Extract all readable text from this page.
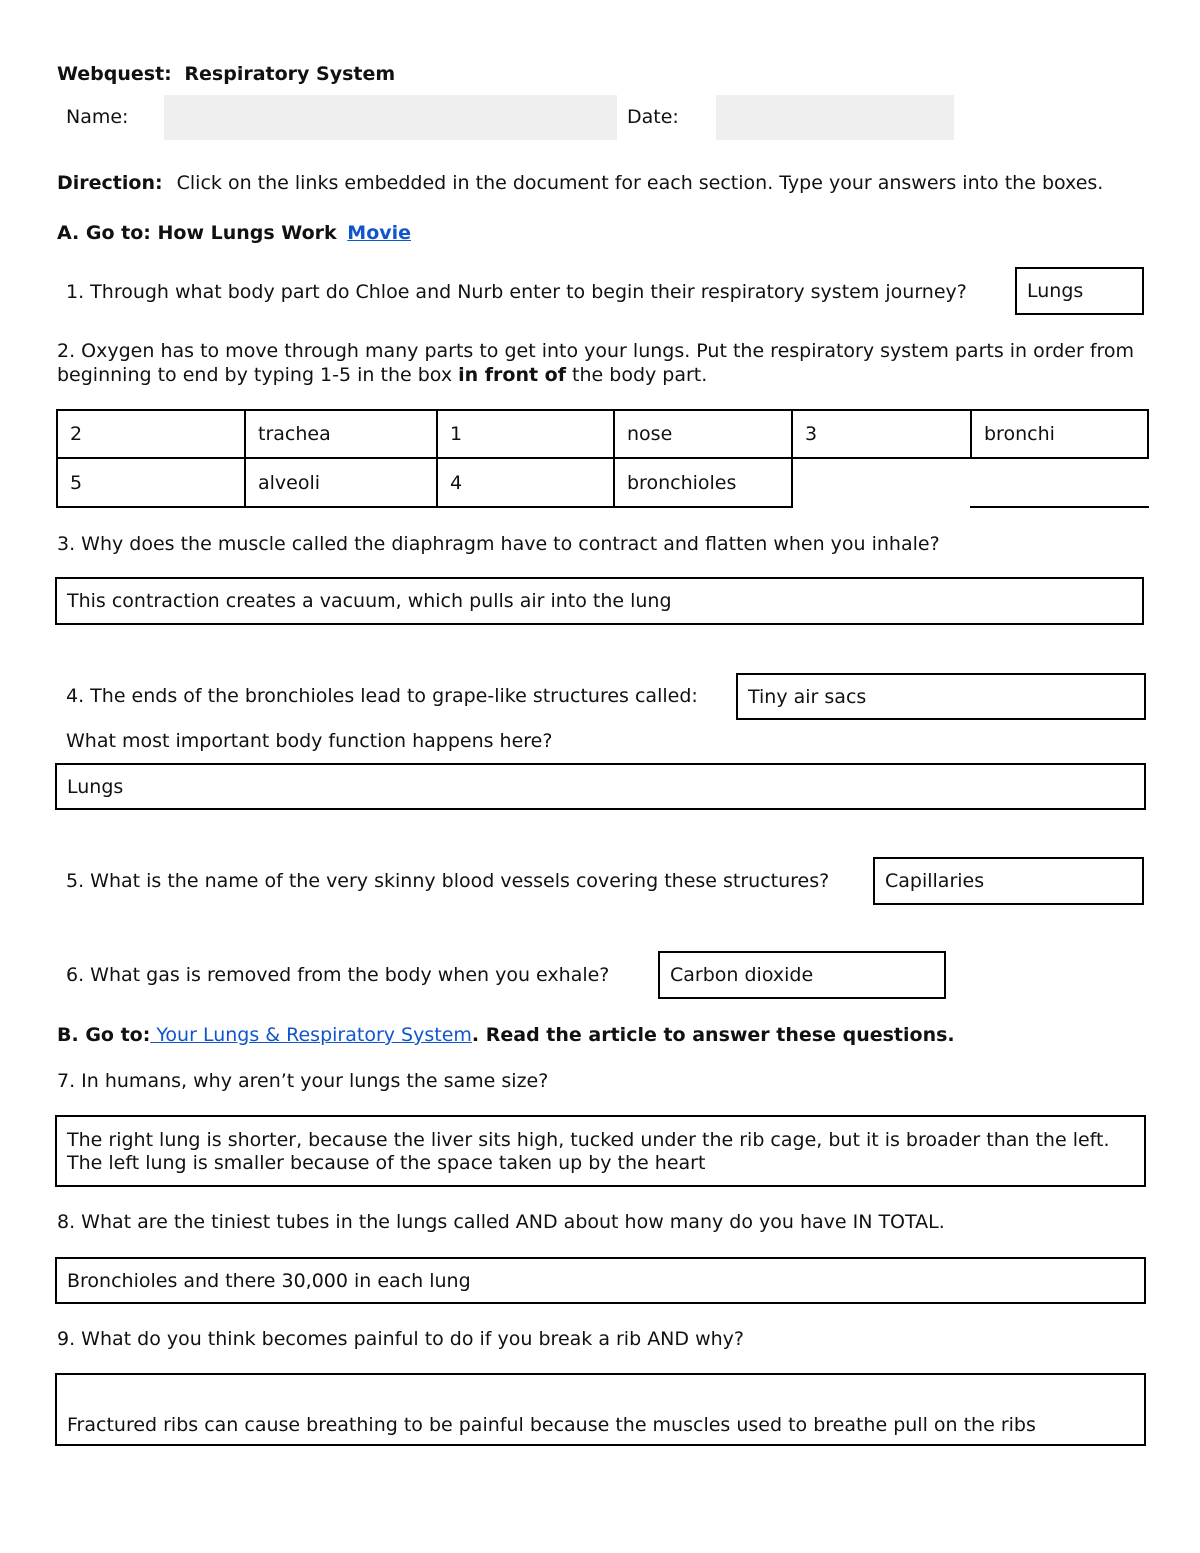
Webquest: Respiratory System
Name:	Date:
Direction: Click on the links embedded in the document for each section. Type your answers into the boxes.
A. Go to: How Lungs Work Movie
1. Through what body part do Chloe and Nurb enter to begin their respiratory system journey?	Lungs
2. Oxygen has to move through many parts to get into your lungs. Put the respiratory system parts in order from beginning to end by typing 1-5 in the box in front of the body part.
2	trachea	1	nose	3	bronchi
5	alveoli	4	bronchioles
3. Why does the muscle called the diaphragm have to contract and flatten when you inhale?
This contraction creates a vacuum, which pulls air into the lung
4. The ends of the bronchioles lead to grape-like structures called:	Tiny air sacs
What most important body function happens here?
Lungs
5. What is the name of the very skinny blood vessels covering these structures?	Capillaries
6. What gas is removed from the body when you exhale?	Carbon dioxide
B. Go to: Your Lungs & Respiratory System. Read the article to answer these questions.
7. In humans, why aren’t your lungs the same size?
The right lung is shorter, because the liver sits high, tucked under the rib cage, but it is broader than the left. The left lung is smaller because of the space taken up by the heart
8. What are the tiniest tubes in the lungs called AND about how many do you have IN TOTAL.
Bronchioles and there 30,000 in each lung
9. What do you think becomes painful to do if you break a rib AND why?
Fractured ribs can cause breathing to be painful because the muscles used to breathe pull on the ribs
